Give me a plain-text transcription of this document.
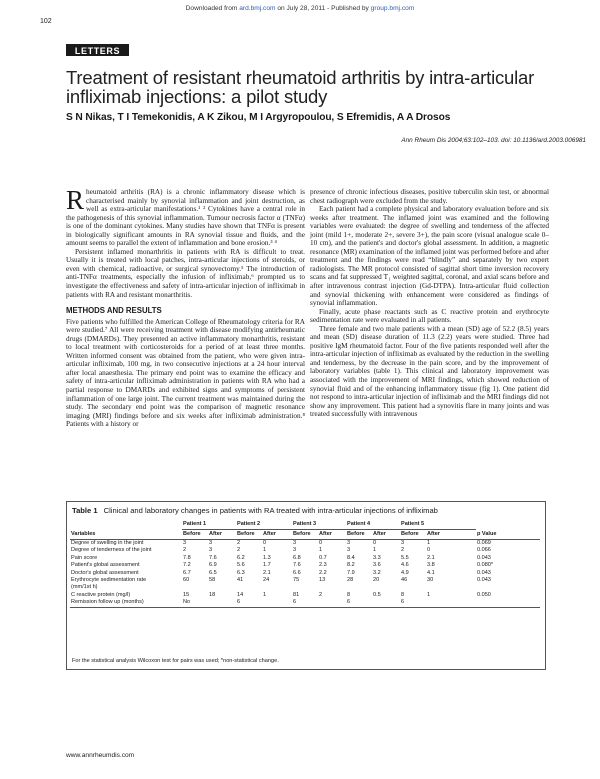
Downloaded from ard.bmj.com on July 28, 2011 - Published by group.bmj.com
102
LETTERS
Treatment of resistant rheumatoid arthritis by intra-articular infliximab injections: a pilot study
S N Nikas, T I Temekonidis, A K Zikou, M I Argyropoulou, S Efremidis, A A Drosos
Ann Rheum Dis 2004;63:102–103. doi: 10.1136/ard.2003.006981

Rheumatoid arthritis (RA) is a chronic inflammatory disease which is characterised mainly by synovial inflammation and joint destruction, as well as extra-articular manifestations.¹ ² Cytokines have a central role in the pathogenesis of this synovial inflammation. Tumour necrosis factor α (TNFα) is one of the dominant cytokines. Many studies have shown that TNFα is present in biologically significant amounts in RA synovial tissue and fluids, and the amount seems to parallel the extent of inflammation and bone erosion.³ ⁴

Persistent inflamed monarthritis in patients with RA is difficult to treat. Usually it is treated with local patches, intra-articular injections of steroids, or even with chemical, radioactive, or surgical synovectomy.⁵ The introduction of anti-TNFα treatments, especially the infusion of infliximab,⁶ prompted us to investigate the effectiveness and safety of intra-articular injection of infliximab in patients with RA and resistant monarthritis.

METHODS AND RESULTS

Five patients who fulfilled the American College of Rheumatology criteria for RA were studied.⁷ All were receiving treatment with disease modifying antirheumatic drugs (DMARDs). They presented an active inflammatory monarthritis, resistant to local treatment with corticosteroids for a period of at least three months. Written informed consent was obtained from the patient, who were given intra-articular infliximab, 100 mg, in two consecutive injections at a 24 hour interval after local anaesthesia. The primary end point was to examine the efficacy and safety of intra-articular infliximab administration in patients with RA who had a partial response to DMARDs and exhibited signs and symptoms of persistent inflammation of one large joint. The current treatment was maintained during the study. The secondary end point was the comparison of magnetic resonance imaging (MRI) findings before and six weeks after infliximab administration.⁸ Patients with a history or

presence of chronic infectious diseases, positive tuberculin skin test, or abnormal chest radiograph were excluded from the study.

Each patient had a complete physical and laboratory evaluation before and six weeks after treatment. The inflamed joint was examined and the following variables were evaluated: the degree of swelling and tenderness of the affected joint (mild 1+, moderate 2+, severe 3+), the pain score (visual analogue scale 0–10 cm), and the patient's and doctor's global assessment. In addition, a magnetic resonance (MR) examination of the inflamed joint was performed before and after treatment and the findings were read “blindly” and separately by two expert radiologists. The MR protocol consisted of sagittal short time inversion recovery scans and fat suppressed T₁ weighted sagittal, coronal, and axial scans before and after intravenous contrast injection (Gd-DTPA). Intra-articular fluid collection and synovial thickening with enhancement were considered as findings of synovial inflammation.

Finally, acute phase reactants such as C reactive protein and erythrocyte sedimentation rate were evaluated in all patients.

Three female and two male patients with a mean (SD) age of 52.2 (8.5) years and mean (SD) disease duration of 11.3 (2.2) years were studied. Three had positive IgM rheumatoid factor. Four of the five patients responded well after the intra-articular injection of infliximab as evaluated by the reduction in the swelling and tenderness, by the decrease in the pain score, and by the improvement of laboratory variables (table 1). This clinical and laboratory improvement was associated with the improvement of MRI findings, which showed reduction of synovial fluid and of the enhancing inflammatory tissue (fig 1). One patient did not respond to intra-articular injection of infliximab and the MRI findings did not show any improvement. This patient had a synovitis flare in many joints and was treated successfully with intravenous

Table 1 Clinical and laboratory changes in patients with RA treated with intra-articular injections of infliximab
	Patient 1		Patient 2		Patient 3		Patient 4		Patient 5		
Variables	Before	After	Before	After	Before	After	Before	After	Before	After	p Value
Degree of swelling in the joint	3	3	2	0	3	0	3	0	3	1	0.069
Degree of tenderness of the joint	2	3	2	1	3	1	3	1	2	0	0.066
Pain score	7.8	7.6	6.2	1.3	6.8	0.7	8.4	3.3	5.5	2.1	0.043
Patient's global assessment	7.2	6.9	5.6	1.7	7.6	2.3	8.2	3.6	4.6	3.8	0.080*
Doctor's global assessment	6.7	6.5	6.3	2.1	6.6	2.2	7.9	3.2	4.9	4.1	0.043
Erythrocyte sedimentation rate	60	58	41	24	75	13	28	20	46	30	0.043
(mm/1st h)											
C reactive protein (mg/l)	15	18	14	1	81	2	8	0.5	8	1	0.050
Remission follow up (months)	No		6		6		6		6		
For the statistical analysis Wilcoxon test for pairs was used; *non-statistical change.
www.annrheumdis.com
